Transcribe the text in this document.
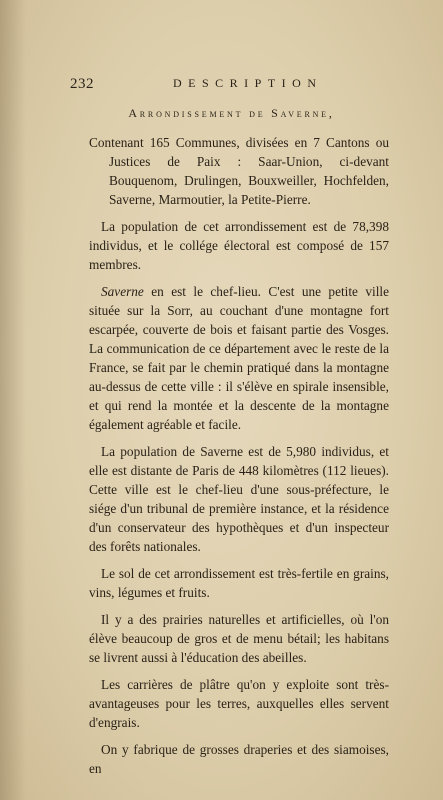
232	DESCRIPTION
Arrondissement de Saverne,

Contenant 165 Communes, divisées en 7 Cantons ou Justices de Paix : Saar-Union, ci-devant Bouquenom, Drulingen, Bouxweiller, Hochfelden, Saverne, Marmoutier, la Petite-Pierre.

La population de cet arrondissement est de 78,398 individus, et le collége électoral est composé de 157 membres.

Saverne en est le chef-lieu. C'est une petite ville située sur la Sorr, au couchant d'une montagne fort escarpée, couverte de bois et faisant partie des Vosges. La communication de ce département avec le reste de la France, se fait par le chemin pratiqué dans la montagne au-dessus de cette ville : il s'élève en spirale insensible, et qui rend la montée et la descente de la montagne également agréable et facile.

La population de Saverne est de 5,980 individus, et elle est distante de Paris de 448 kilomètres (112 lieues). Cette ville est le chef-lieu d'une sous-préfecture, le siége d'un tribunal de première instance, et la résidence d'un conservateur des hypothèques et d'un inspecteur des forêts nationales.

Le sol de cet arrondissement est très-fertile en grains, vins, légumes et fruits.

Il y a des prairies naturelles et artificielles, où l'on élève beaucoup de gros et de menu bétail; les habitans se livrent aussi à l'éducation des abeilles.

Les carrières de plâtre qu'on y exploite sont très-avantageuses pour les terres, auxquelles elles servent d'engrais.

On y fabrique de grosses draperies et des siamoises, en
